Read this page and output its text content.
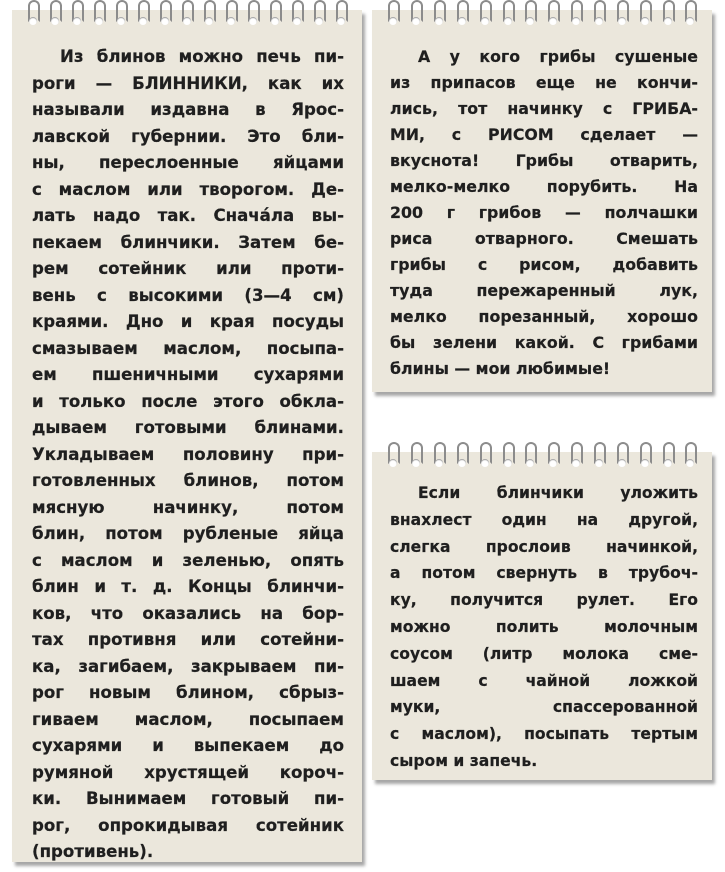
Из блинов можно печь пи-
роги — БЛИННИКИ, как их
называли издавна в Ярос-
лавской губернии. Это бли-
ны, переслоенные яйцами
с маслом или творогом. Де-
лать надо так. Сначáла вы-
пекаем блинчики. Затем бе-
рем сотейник или проти-
вень с высокими (3—4 см)
краями. Дно и края посуды
смазываем маслом, посыпа-
ем пшеничными сухарями
и только после этого обкла-
дываем готовыми блинами.
Укладываем половину при-
готовленных блинов, потом
мясную начинку, потом
блин, потом рубленые яйца
с маслом и зеленью, опять
блин и т. д. Концы блинчи-
ков, что оказались на бор-
тах противня или сотейни-
ка, загибаем, закрываем пи-
рог новым блином, сбрыз-
гиваем маслом, посыпаем
сухарями и выпекаем до
румяной хрустящей короч-
ки. Вынимаем готовый пи-
рог, опрокидывая сотейник
(противень).
А у кого грибы сушеные
из припасов еще не кончи-
лись, тот начинку с ГРИБА-
МИ, с РИСОМ сделает —
вкуснота! Грибы отварить,
мелко-мелко порубить. На
200 г грибов — полчашки
риса отварного. Смешать
грибы с рисом, добавить
туда пережаренный лук,
мелко порезанный, хорошо
бы зелени какой. С грибами
блины — мои любимые!
Если блинчики уложить
внахлест один на другой,
слегка прослоив начинкой,
а потом свернуть в трубоч-
ку, получится рулет. Его
можно полить молочным
соусом (литр молока сме-
шаем с чайной ложкой
муки, спассерованной
с маслом), посыпать тертым
сыром и запечь.
